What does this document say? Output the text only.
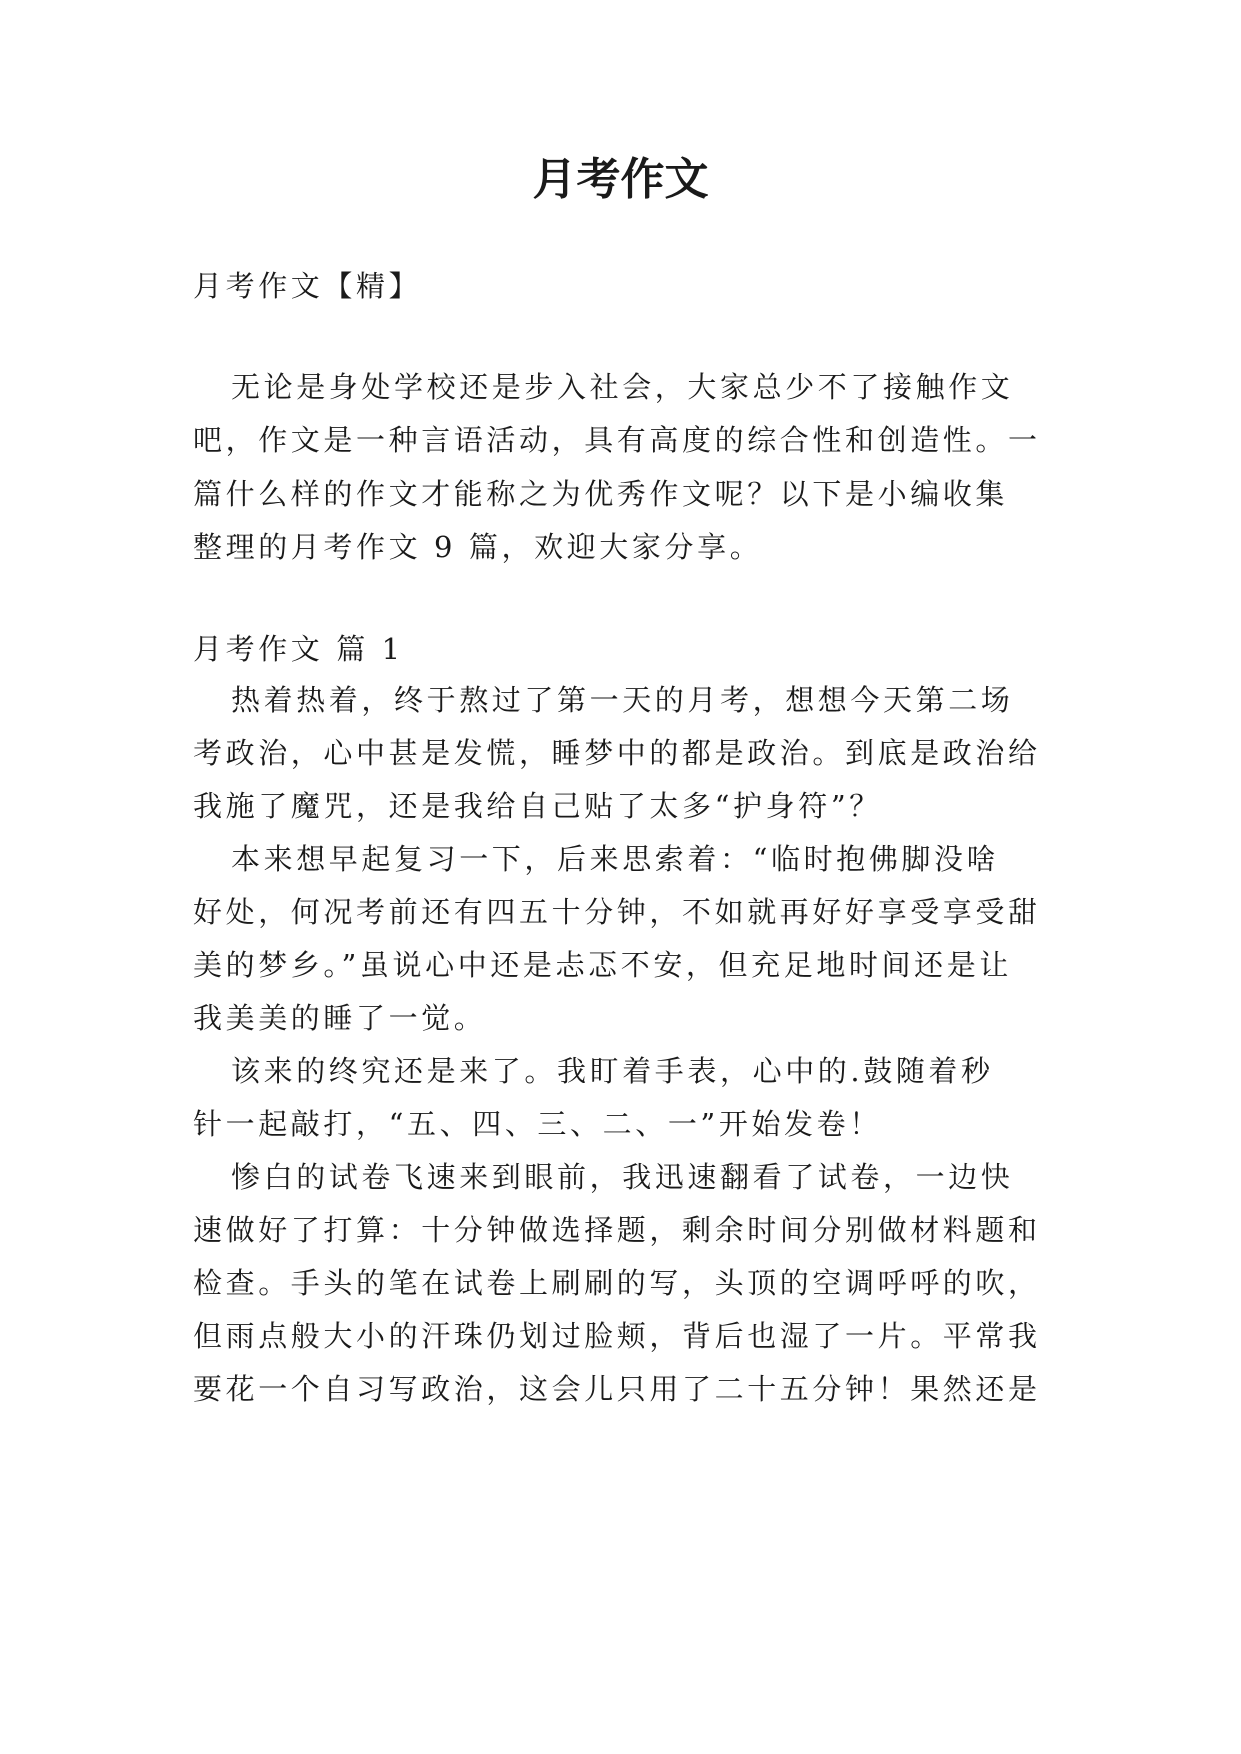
月考作文
月考作文【精】
无论是身处学校还是步入社会，大家总少不了接触作文
吧，作文是一种言语活动，具有高度的综合性和创造性。一
篇什么样的作文才能称之为优秀作文呢？以下是小编收集
整理的月考作文 9 篇，欢迎大家分享。
月考作文 篇 1
热着热着，终于熬过了第一天的月考，想想今天第二场
考政治，心中甚是发慌，睡梦中的都是政治。到底是政治给
我施了魔咒，还是我给自己贴了太多“护身符”？
本来想早起复习一下，后来思索着：“临时抱佛脚没啥
好处，何况考前还有四五十分钟，不如就再好好享受享受甜
美的梦乡。”虽说心中还是忐忑不安，但充足地时间还是让
我美美的睡了一觉。
该来的终究还是来了。我盯着手表，心中的.鼓随着秒
针一起敲打，“五、四、三、二、一”开始发卷！
惨白的试卷飞速来到眼前，我迅速翻看了试卷，一边快
速做好了打算：十分钟做选择题，剩余时间分别做材料题和
检查。手头的笔在试卷上刷刷的写，头顶的空调呼呼的吹，
但雨点般大小的汗珠仍划过脸颊，背后也湿了一片。平常我
要花一个自习写政治，这会儿只用了二十五分钟！果然还是
